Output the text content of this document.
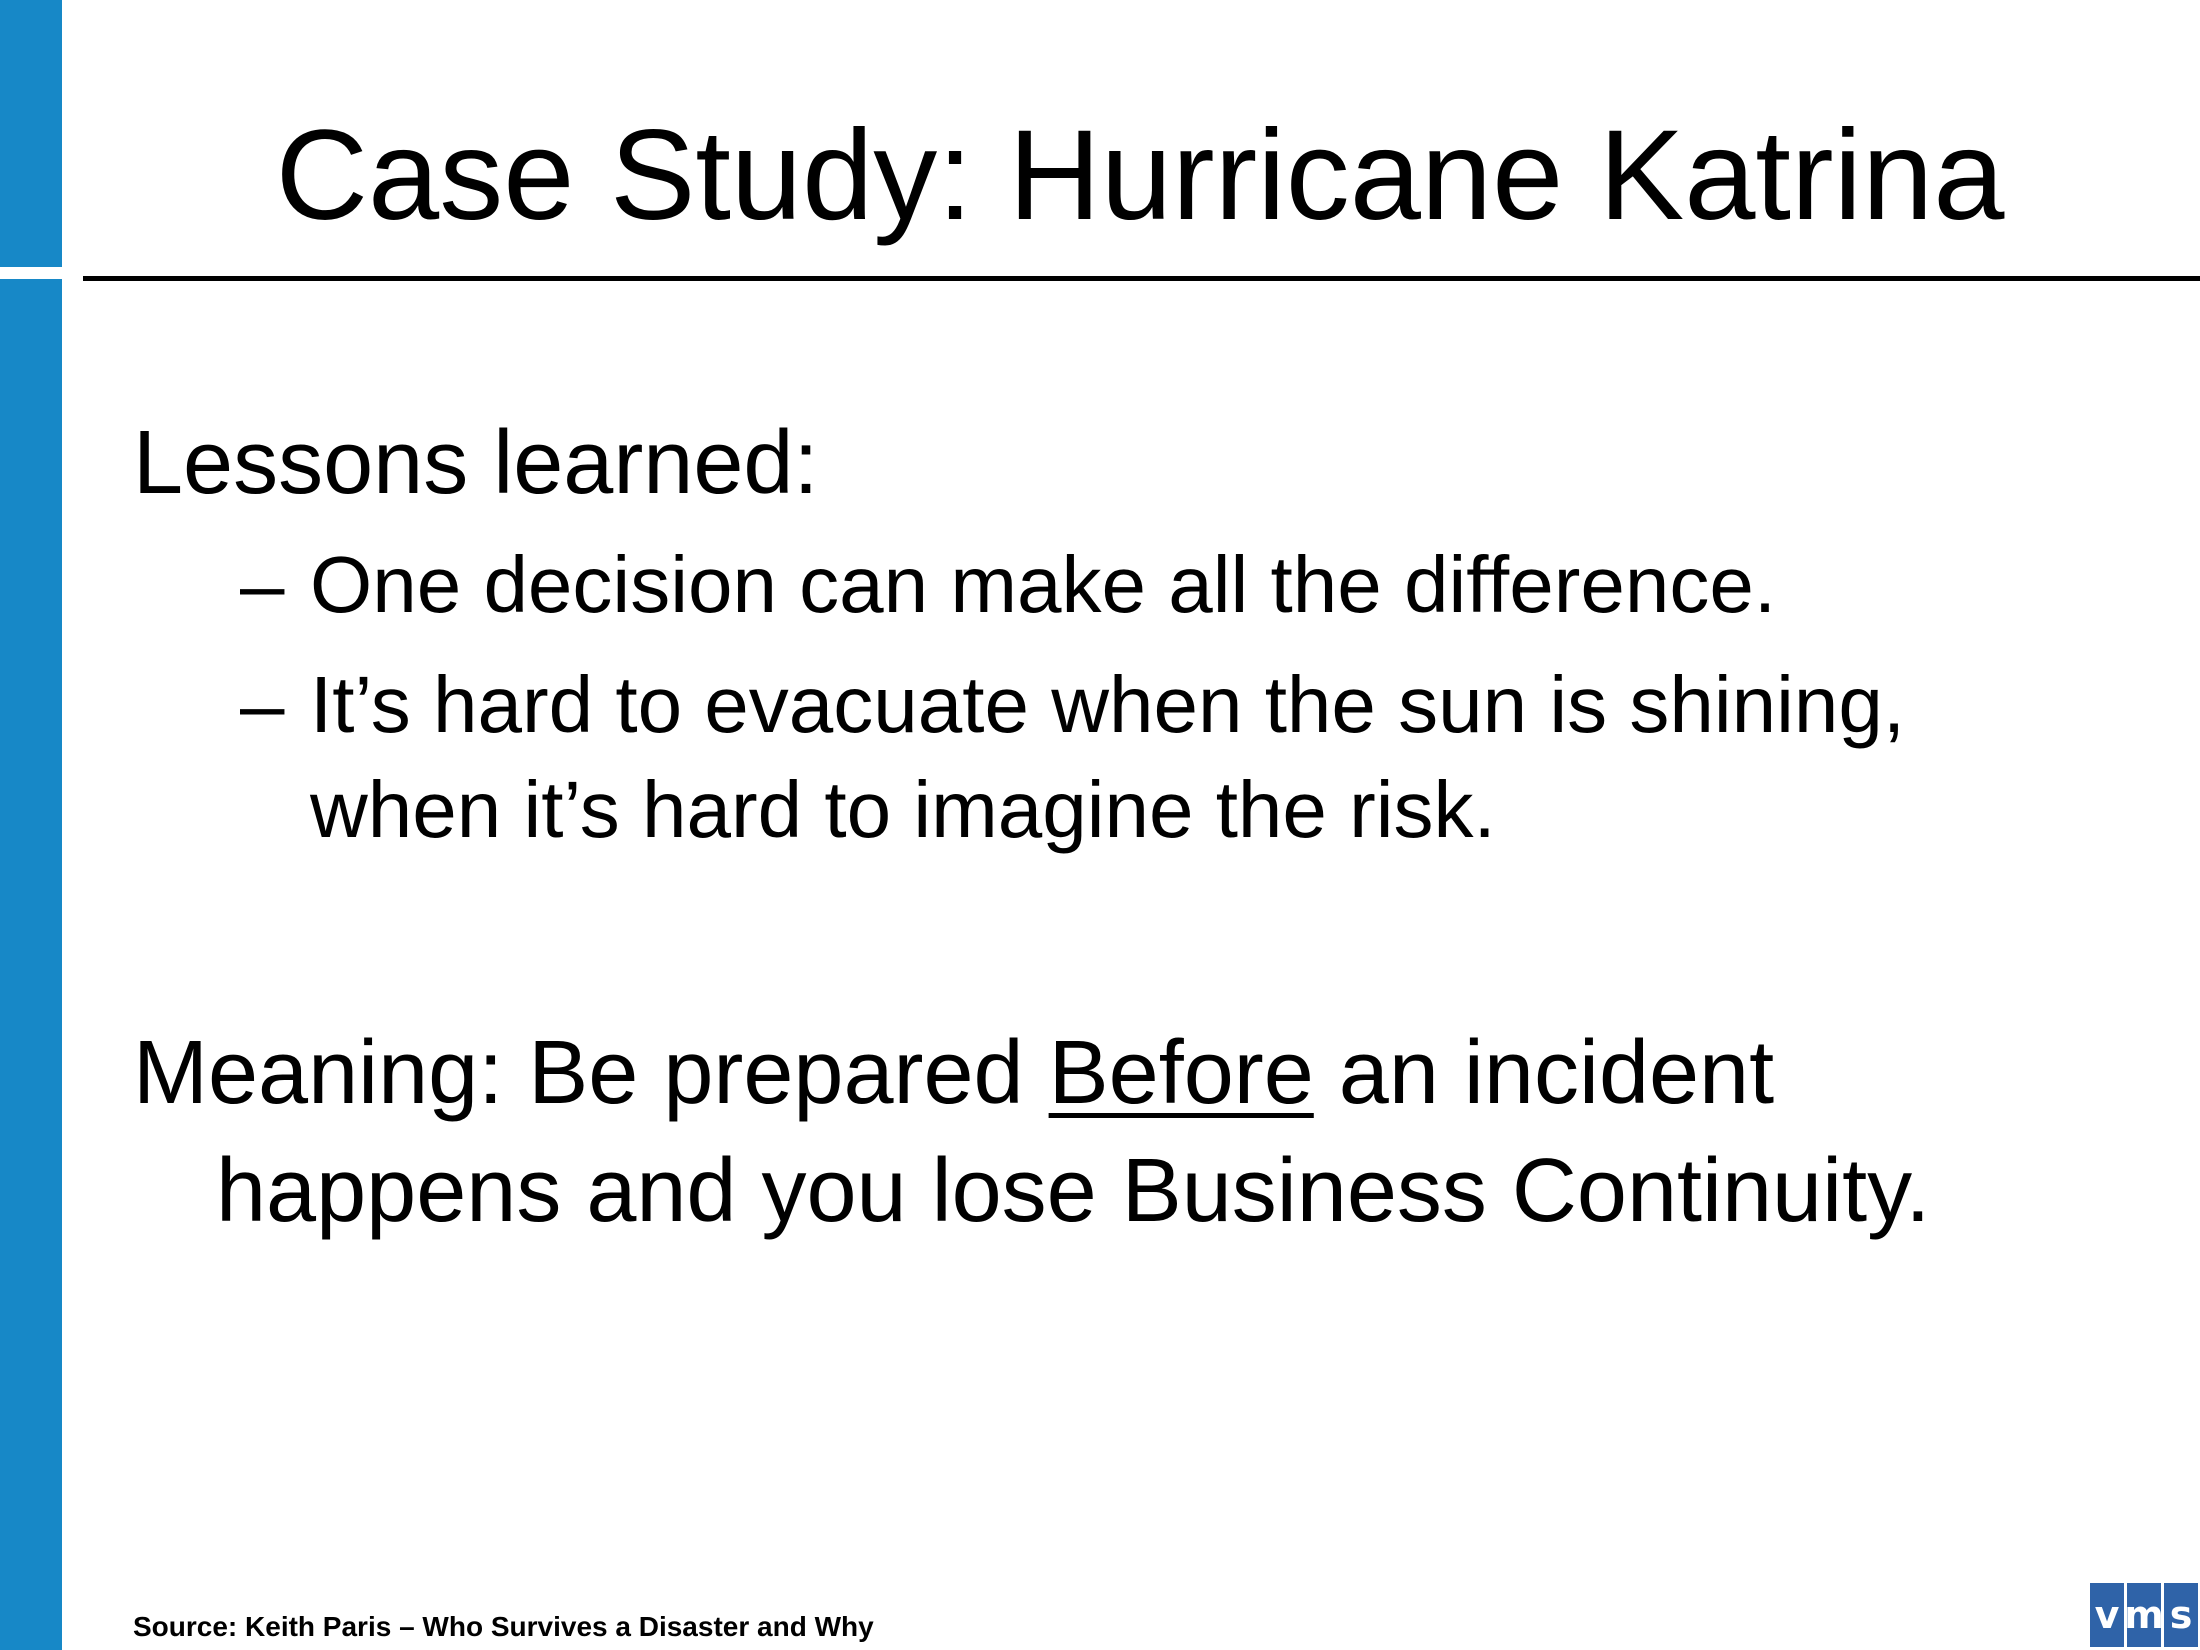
Case Study: Hurricane Katrina
Lessons learned:
– One decision can make all the difference.
– It’s hard to evacuate when the sun is shining,
when it’s hard to imagine the risk.
Meaning: Be prepared Before an incident
happens and you lose Business Continuity.
Source: Keith Paris – Who Survives a Disaster and Why	v m s
